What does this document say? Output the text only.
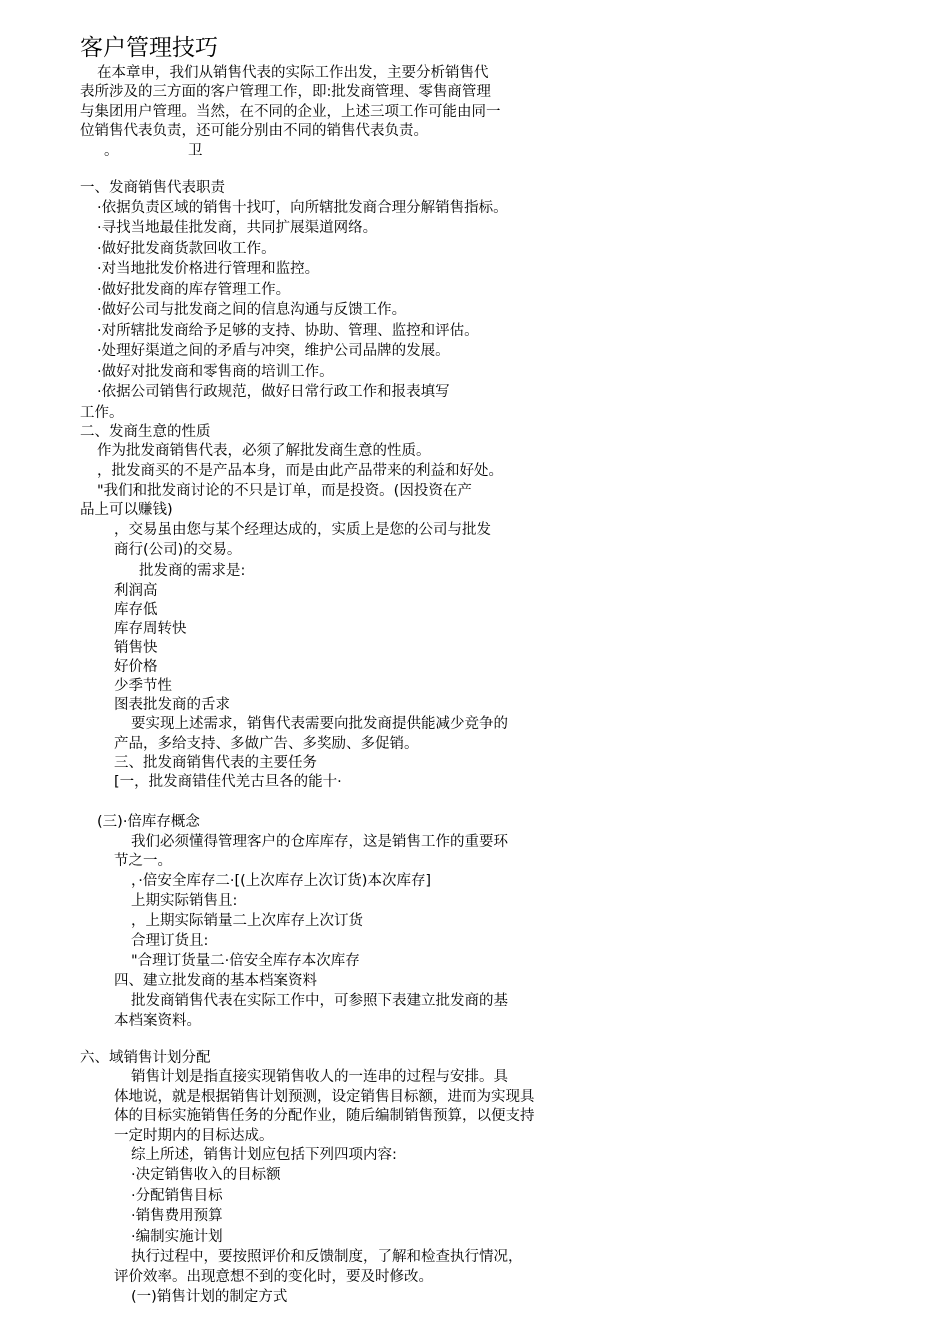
客户管理技巧
在本章申，我们从销售代表的实际工作出发，主要分析销售代
表所涉及的三方面的客户管理工作，即:批发商管理、零售商管理
与集团用户管理。当然，在不同的企业，上述三项工作可能由同一
位销售代表负责，还可能分别由不同的销售代表负责。
。	卫
一、发商销售代表职责
·依据负责区域的销售十找叮，向所辖批发商合理分解销售指标。
·寻找当地最佳批发商，共同扩展渠道网络。
·做好批发商货款回收工作。
·对当地批发价格进行管理和监控。
·做好批发商的库存管理工作。
·做好公司与批发商之间的信息沟通与反馈工作。
·对所辖批发商给予足够的支持、协助、管理、监控和评估。
·处理好渠道之间的矛盾与冲突，维护公司品牌的发展。
·做好对批发商和零售商的培训工作。
·依据公司销售行政规范，做好日常行政工作和报表填写
工作。
二、发商生意的性质
作为批发商销售代表，必须了解批发商生意的性质。
，批发商买的不是产品本身，而是由此产品带来的利益和好处。
"我们和批发商讨论的不只是订单，而是投资。(因投资在产
品上可以赚钱)
，交易虽由您与某个经理达成的，实质上是您的公司与批发
商行(公司)的交易。
批发商的需求是:
利润高
库存低
库存周转快
销售快
好价格
少季节性
图表批发商的舌求
要实现上述需求，销售代表需要向批发商提供能减少竞争的
产品，多给支持、多做广告、多奖励、多促销。
三、批发商销售代表的主要任务
[一，批发商错佳代羌古旦各的能十·
(三)·倍库存概念
我们必须懂得管理客户的仓库库存，这是销售工作的重要环
节之一。
，·倍安全库存二·[(上次库存上次订货)本次库存]
上期实际销售且:
，上期实际销量二上次库存上次订货
合理订货且:
"合理订货量二·倍安全库存本次库存
四、建立批发商的基本档案资料
批发商销售代表在实际工作中，可参照下表建立批发商的基
本档案资料。
六、域销售计划分配
销售计划是指直接实现销售收人的一连串的过程与安排。具
体地说，就是根据销售计划预测，设定销售目标额，进而为实现具
体的目标实施销售任务的分配作业，随后编制销售预算，以便支持
一定时期内的目标达成。
综上所述，销售计划应包括下列四项内容:
·决定销售收入的目标额
·分配销售目标
·销售费用预算
·编制实施计划
执行过程中，要按照评价和反馈制度，了解和检查执行情况，
评价效率。出现意想不到的变化时，要及时修改。
(一)销售计划的制定方式
